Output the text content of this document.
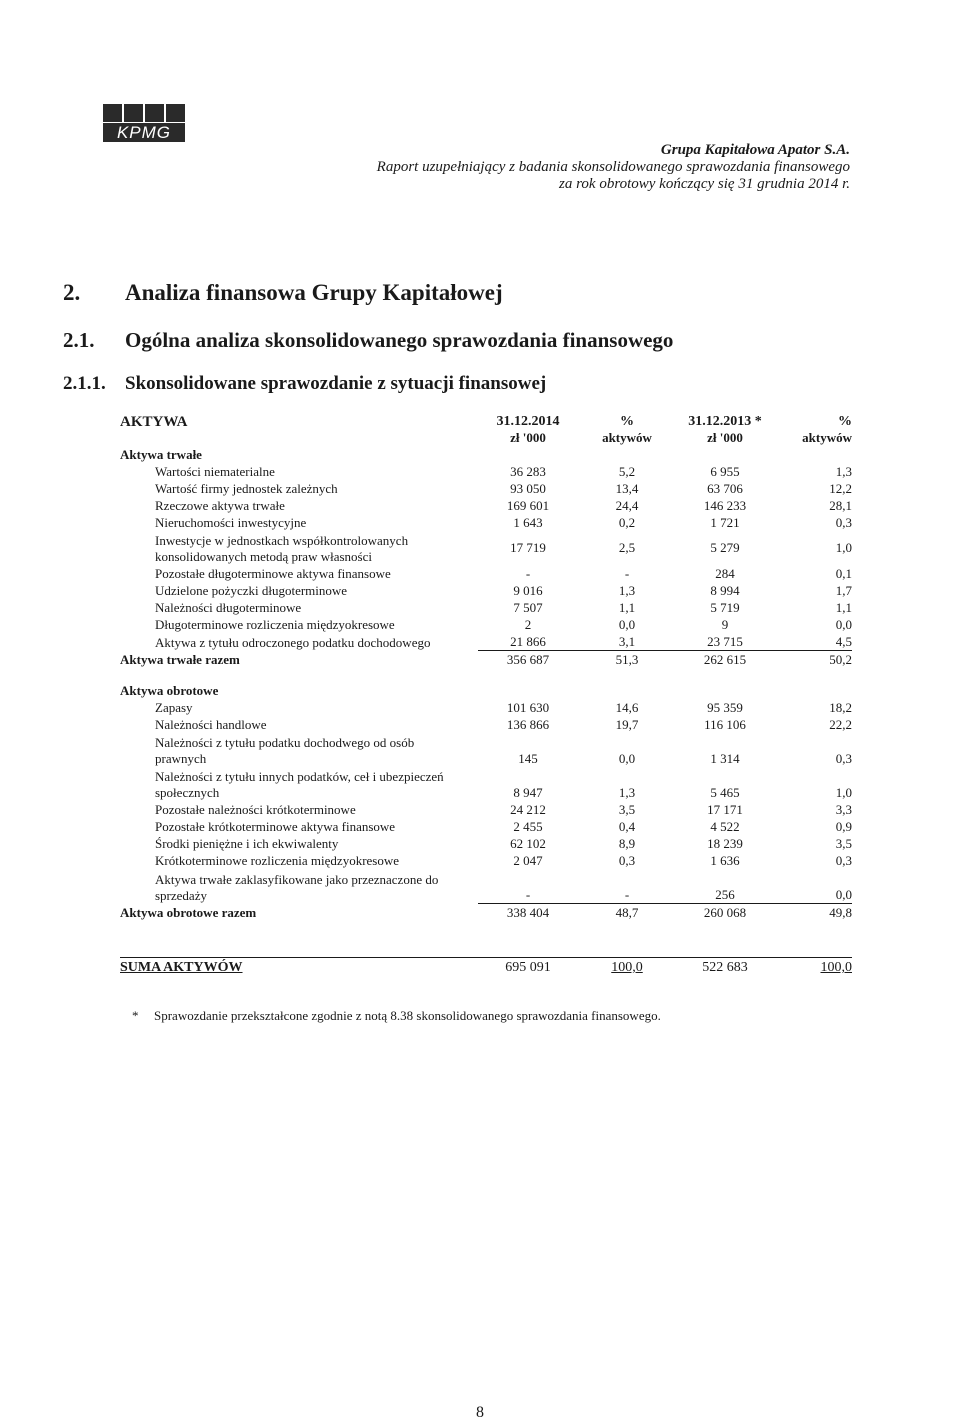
KPMG
Grupa Kapitałowa Apator S.A.
Raport uzupełniający z badania skonsolidowanego sprawozdania finansowego
za rok obrotowy kończący się 31 grudnia 2014 r.
2. Analiza finansowa Grupy Kapitałowej
2.1. Ogólna analiza skonsolidowanego sprawozdania finansowego
2.1.1. Skonsolidowane sprawozdanie z sytuacji finansowej
AKTYWA	31.12.2014	%	31.12.2013 *	%
	zł '000	aktywów	zł '000	aktywów
Aktywa trwałe				
Wartości niematerialne	36 283	5,2	6 955	1,3
Wartość firmy jednostek zależnych	93 050	13,4	63 706	12,2
Rzeczowe aktywa trwałe	169 601	24,4	146 233	28,1
Nieruchomości inwestycyjne	1 643	0,2	1 721	0,3
Inwestycje w jednostkach współkontrolowanych konsolidowanych metodą praw własności	17 719	2,5	5 279	1,0
Pozostałe długoterminowe aktywa finansowe	-	-	284	0,1
Udzielone pożyczki długoterminowe	9 016	1,3	8 994	1,7
Należności długoterminowe	7 507	1,1	5 719	1,1
Długoterminowe rozliczenia międzyokresowe	2	0,0	9	0,0
Aktywa z tytułu odroczonego podatku dochodowego	21 866	3,1	23 715	4,5
Aktywa trwałe razem	356 687	51,3	262 615	50,2

Aktywa obrotowe				
Zapasy	101 630	14,6	95 359	18,2
Należności handlowe	136 866	19,7	116 106	22,2
Należności z tytułu podatku dochodwego od osób prawnych	145	0,0	1 314	0,3
Należności z tytułu innych podatków, ceł i ubezpieczeń społecznych	8 947	1,3	5 465	1,0
Pozostałe należności krótkoterminowe	24 212	3,5	17 171	3,3
Pozostałe krótkoterminowe aktywa finansowe	2 455	0,4	4 522	0,9
Środki pieniężne i ich ekwiwalenty	62 102	8,9	18 239	3,5
Krótkoterminowe rozliczenia międzyokresowe	2 047	0,3	1 636	0,3
Aktywa trwałe zaklasyfikowane jako przeznaczone do sprzedaży	-	-	256	0,0
Aktywa obrotowe razem	338 404	48,7	260 068	49,8

SUMA AKTYWÓW	695 091	100,0	522 683	100,0
* Sprawozdanie przekształcone zgodnie z notą 8.38 skonsolidowanego sprawozdania finansowego.
8
